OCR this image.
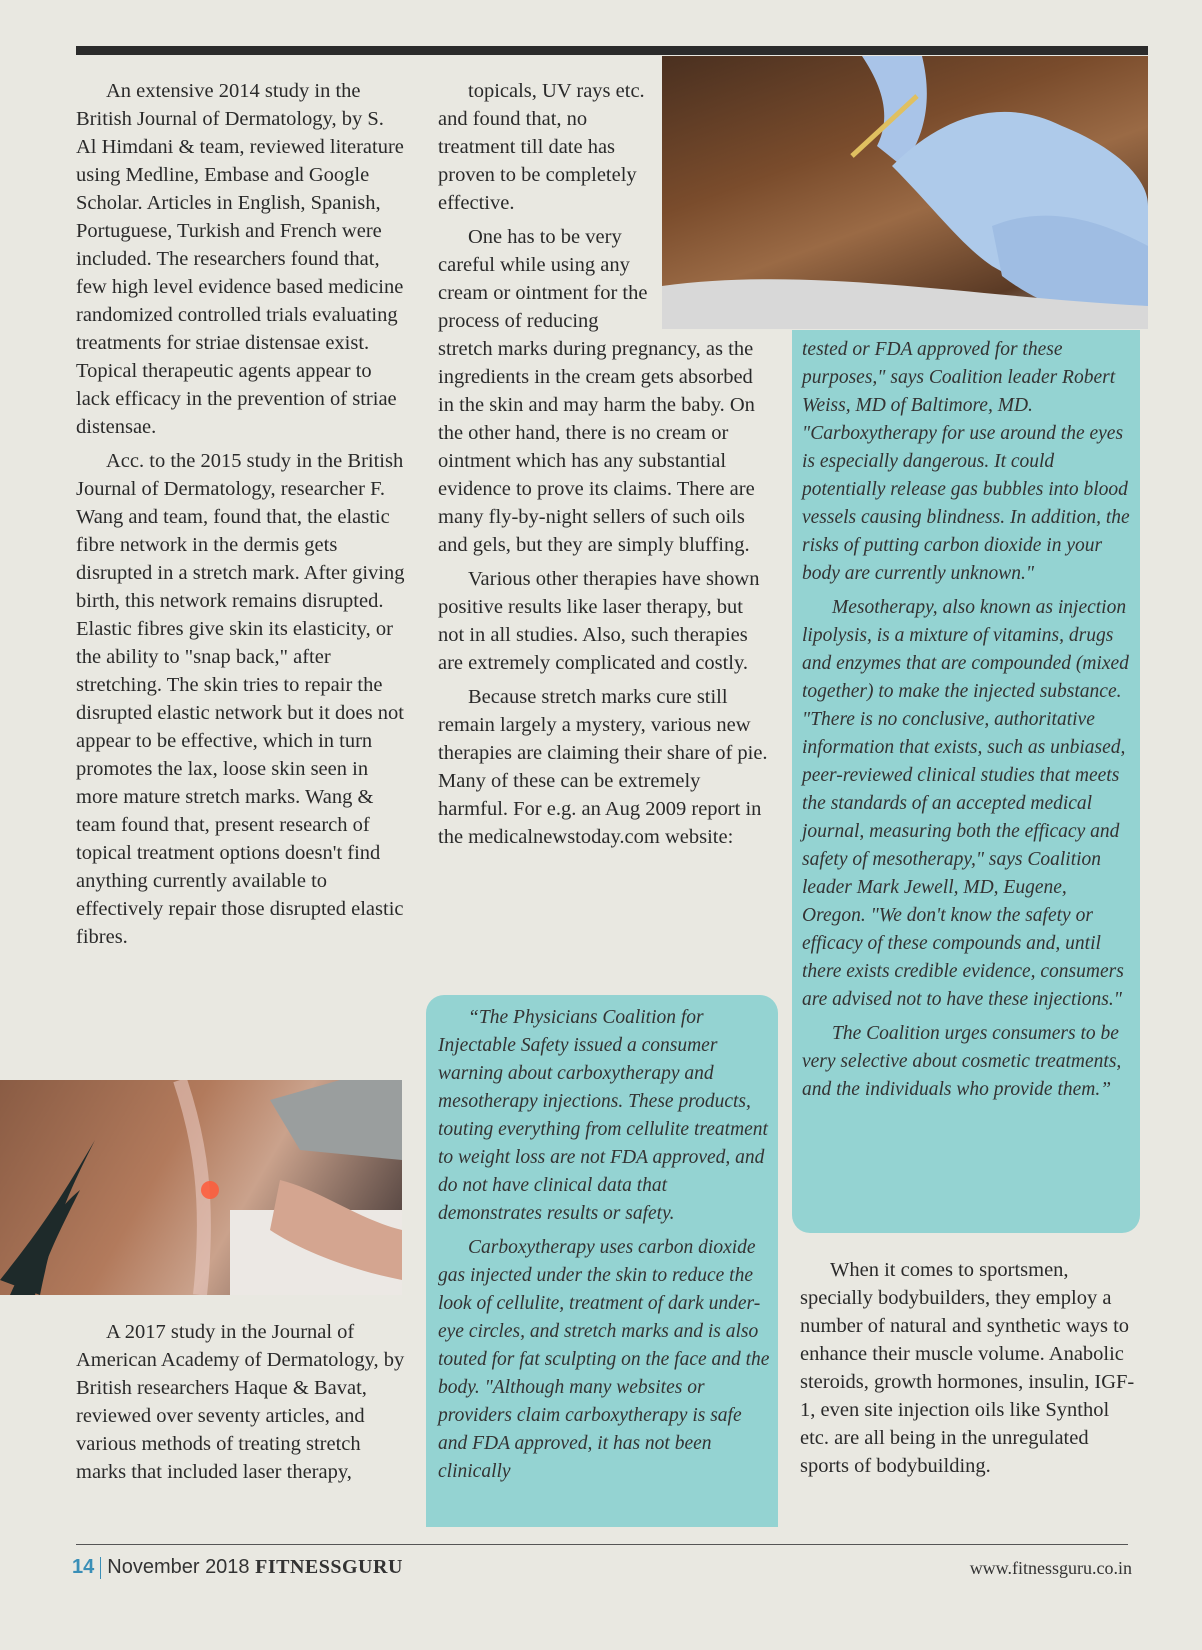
An extensive 2014 study in the British Journal of Dermatology, by S. Al Himdani & team, reviewed literature using Medline, Embase and Google Scholar. Articles in English, Spanish, Portuguese, Turkish and French were included. The researchers found that, few high level evidence based medicine randomized controlled trials evaluating treatments for striae distensae exist. Topical therapeutic agents appear to lack efficacy in the prevention of striae distensae.

Acc. to the 2015 study in the British Journal of Dermatology, researcher F. Wang and team, found that, the elastic fibre network in the dermis gets disrupted in a stretch mark. After giving birth, this network remains disrupted. Elastic fibres give skin its elasticity, or the ability to "snap back," after stretching. The skin tries to repair the disrupted elastic network but it does not appear to be effective, which in turn promotes the lax, loose skin seen in more mature stretch marks. Wang & team found that, present research of topical treatment options doesn't find anything currently available to effectively repair those disrupted elastic fibres.

A 2017 study in the Journal of American Academy of Dermatology, by British researchers Haque & Bavat, reviewed over seventy articles, and various methods of treating stretch marks that included laser therapy,

topicals, UV rays etc. and found that, no treatment till date has proven to be completely effective.

One has to be very careful while using any cream or ointment for the process of reducing

stretch marks during pregnancy, as the ingredients in the cream gets absorbed in the skin and may harm the baby. On the other hand, there is no cream or ointment which has any substantial evidence to prove its claims. There are many fly-by-night sellers of such oils and gels, but they are simply bluffing.

Various other therapies have shown positive results like laser therapy, but not in all studies. Also, such therapies are extremely complicated and costly.

Because stretch marks cure still remain largely a mystery, various new therapies are claiming their share of pie. Many of these can be extremely harmful. For e.g. an Aug 2009 report in the medicalnewstoday.com website:

“The Physicians Coalition for Injectable Safety issued a consumer warning about carboxytherapy and mesotherapy injections. These products, touting everything from cellulite treatment to weight loss are not FDA approved, and do not have clinical data that demonstrates results or safety.

Carboxytherapy uses carbon dioxide gas injected under the skin to reduce the look of cellulite, treatment of dark under-eye circles, and stretch marks and is also touted for fat sculpting on the face and the body. "Although many websites or providers claim carboxytherapy is safe and FDA approved, it has not been clinically

tested or FDA approved for these purposes," says Coalition leader Robert Weiss, MD of Baltimore, MD. "Carboxytherapy for use around the eyes is especially dangerous. It could potentially release gas bubbles into blood vessels causing blindness. In addition, the risks of putting carbon dioxide in your body are currently unknown."

Mesotherapy, also known as injection lipolysis, is a mixture of vitamins, drugs and enzymes that are compounded (mixed together) to make the injected substance. "There is no conclusive, authoritative information that exists, such as unbiased, peer-reviewed clinical studies that meets the standards of an accepted medical journal, measuring both the efficacy and safety of mesotherapy," says Coalition leader Mark Jewell, MD, Eugene, Oregon. "We don't know the safety or efficacy of these compounds and, until there exists credible evidence, consumers are advised not to have these injections."

The Coalition urges consumers to be very selective about cosmetic treatments, and the individuals who provide them.”

When it comes to sportsmen, specially bodybuilders, they employ a number of natural and synthetic ways to enhance their muscle volume. Anabolic steroids, growth hormones, insulin, IGF-1, even site injection oils like Synthol etc. are all being in the unregulated sports of bodybuilding.

14 November 2018 FITNESSGURU	www.fitnessguru.co.in
